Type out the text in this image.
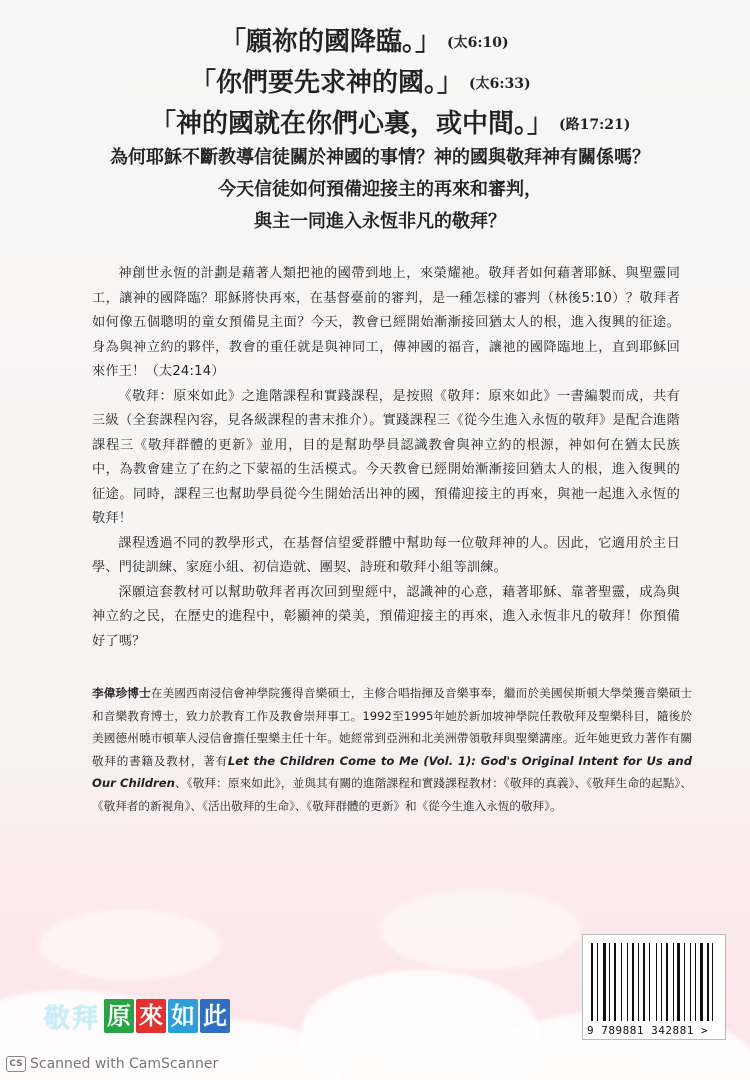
「願祢的國降臨。」 (太6:10)
「你們要先求神的國。」 (太6:33)
「神的國就在你們心裏，或中間。」 (路17:21)
為何耶穌不斷教導信徒關於神國的事情？神的國與敬拜神有關係嗎？
今天信徒如何預備迎接主的再來和審判，
與主一同進入永恆非凡的敬拜？

神創世永恆的計劃是藉著人類把祂的國帶到地上，來榮耀祂。敬拜者如何藉著耶穌、與聖靈同工，讓神的國降臨？耶穌將快再來，在基督臺前的審判，是一種怎樣的審判（林後5:10）？敬拜者如何像五個聰明的童女預備見主面？今天，教會已經開始漸漸接回猶太人的根，進入復興的征途。身為與神立約的夥伴，教會的重任就是與神同工，傳神國的福音，讓祂的國降臨地上，直到耶穌回來作王！（太24:14）

《敬拜：原來如此》之進階課程和實踐課程，是按照《敬拜：原來如此》一書編製而成，共有三級（全套課程內容，見各級課程的書末推介）。實踐課程三《從今生進入永恆的敬拜》是配合進階課程三《敬拜群體的更新》並用，目的是幫助學員認識教會與神立約的根源，神如何在猶太民族中，為教會建立了在約之下蒙福的生活模式。今天教會已經開始漸漸接回猶太人的根，進入復興的征途。同時，課程三也幫助學員從今生開始活出神的國，預備迎接主的再來，與祂一起進入永恆的敬拜！

課程透過不同的教學形式，在基督信望愛群體中幫助每一位敬拜神的人。因此，它適用於主日學、門徒訓練、家庭小組、初信造就、團契、詩班和敬拜小組等訓練。

深願這套教材可以幫助敬拜者再次回到聖經中，認識神的心意，藉著耶穌、靠著聖靈，成為與神立約之民，在歷史的進程中，彰顯神的榮美，預備迎接主的再來，進入永恆非凡的敬拜！你預備好了嗎？

李偉珍博士在美國西南浸信會神學院獲得音樂碩士，主修合唱指揮及音樂事奉，繼而於美國侯斯頓大學榮獲音樂碩士和音樂教育博士，致力於教育工作及教會崇拜事工。1992至1995年她於新加坡神學院任教敬拜及聖樂科目，隨後於美國德州曉市頓華人浸信會擔任聖樂主任十年。她經常到亞洲和北美洲帶領敬拜與聖樂講座。近年她更致力著作有關敬拜的書籍及教材，著有Let the Children Come to Me (Vol. 1): God's Original Intent for Us and Our Children、《敬拜：原來如此》，並與其有關的進階課程和實踐課程教材：《敬拜的真義》、《敬拜生命的起點》、《敬拜者的新視角》、《活出敬拜的生命》、《敬拜群體的更新》和《從今生進入永恆的敬拜》。

敬拜 原 來 如 此
9 789881 342881 >
CS Scanned with CamScanner
